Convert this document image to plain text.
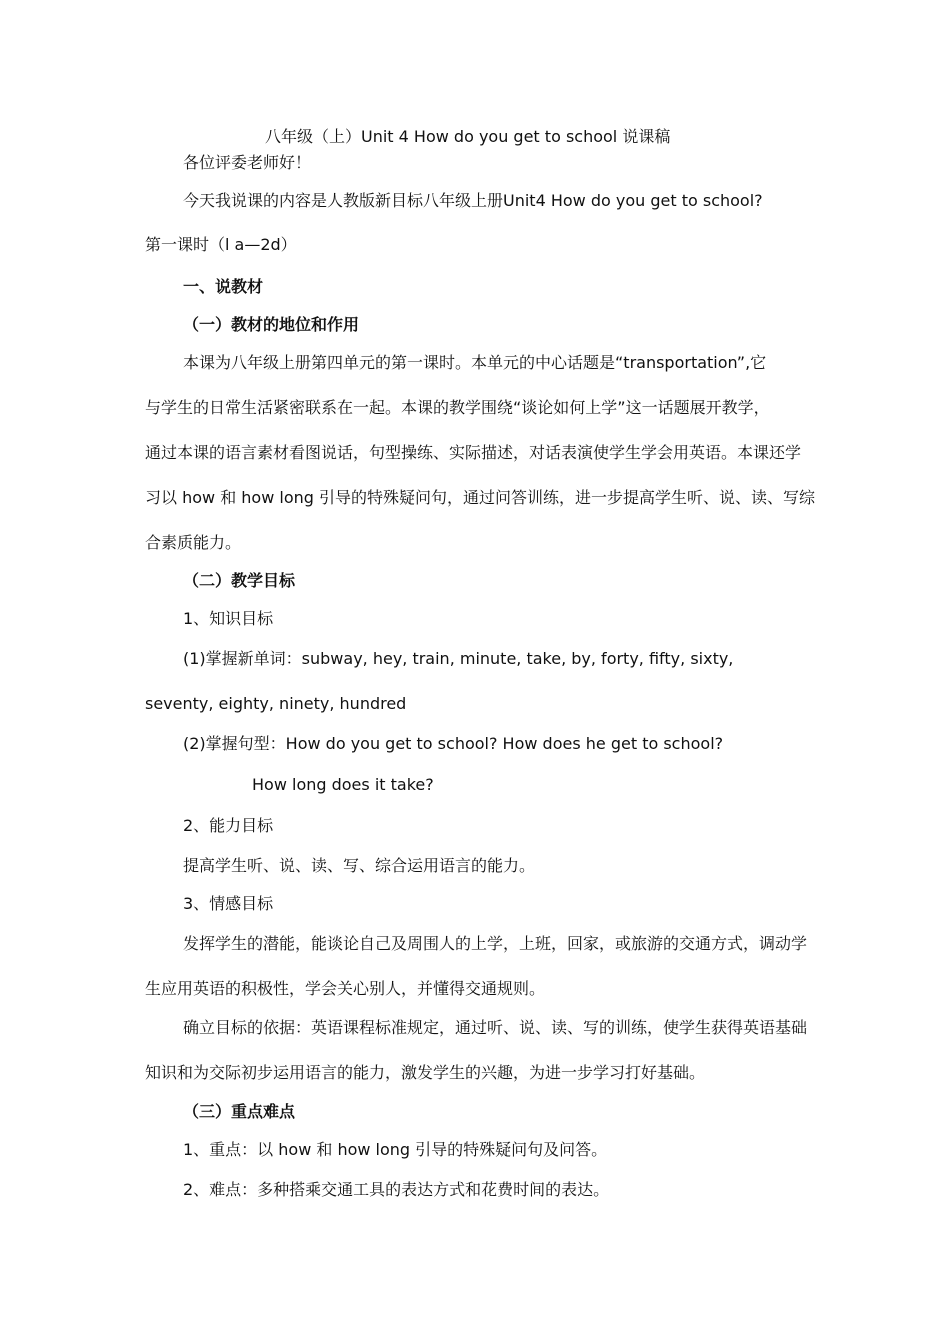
八年级（上）Unit 4 How do you get to school 说课稿
各位评委老师好！
今天我说课的内容是人教版新目标八年级上册Unit4 How do you get to school?
第一课时（l a—2d）
一、说教材
（一）教材的地位和作用
本课为八年级上册第四单元的第一课时。本单元的中心话题是“transportation”,它
与学生的日常生活紧密联系在一起。本课的教学围绕“谈论如何上学”这一话题展开教学，
通过本课的语言素材看图说话，句型操练、实际描述，对话表演使学生学会用英语。本课还学
习以 how 和 how long 引导的特殊疑问句，通过问答训练，进一步提高学生听、说、读、写综
合素质能力。
（二）教学目标
1、知识目标
(1)掌握新单词：subway, hey, train, minute, take, by, forty, fifty, sixty,
seventy, eighty, ninety, hundred
(2)掌握句型：How do you get to school? How does he get to school?
How long does it take?
2、能力目标
提高学生听、说、读、写、综合运用语言的能力。
3、情感目标
发挥学生的潜能，能谈论自己及周围人的上学，上班，回家，或旅游的交通方式，调动学
生应用英语的积极性，学会关心别人，并懂得交通规则。
确立目标的依据：英语课程标准规定，通过听、说、读、写的训练，使学生获得英语基础
知识和为交际初步运用语言的能力，激发学生的兴趣，为进一步学习打好基础。
（三）重点难点
1、重点：以 how 和 how long 引导的特殊疑问句及问答。
2、难点：多种搭乘交通工具的表达方式和花费时间的表达。
